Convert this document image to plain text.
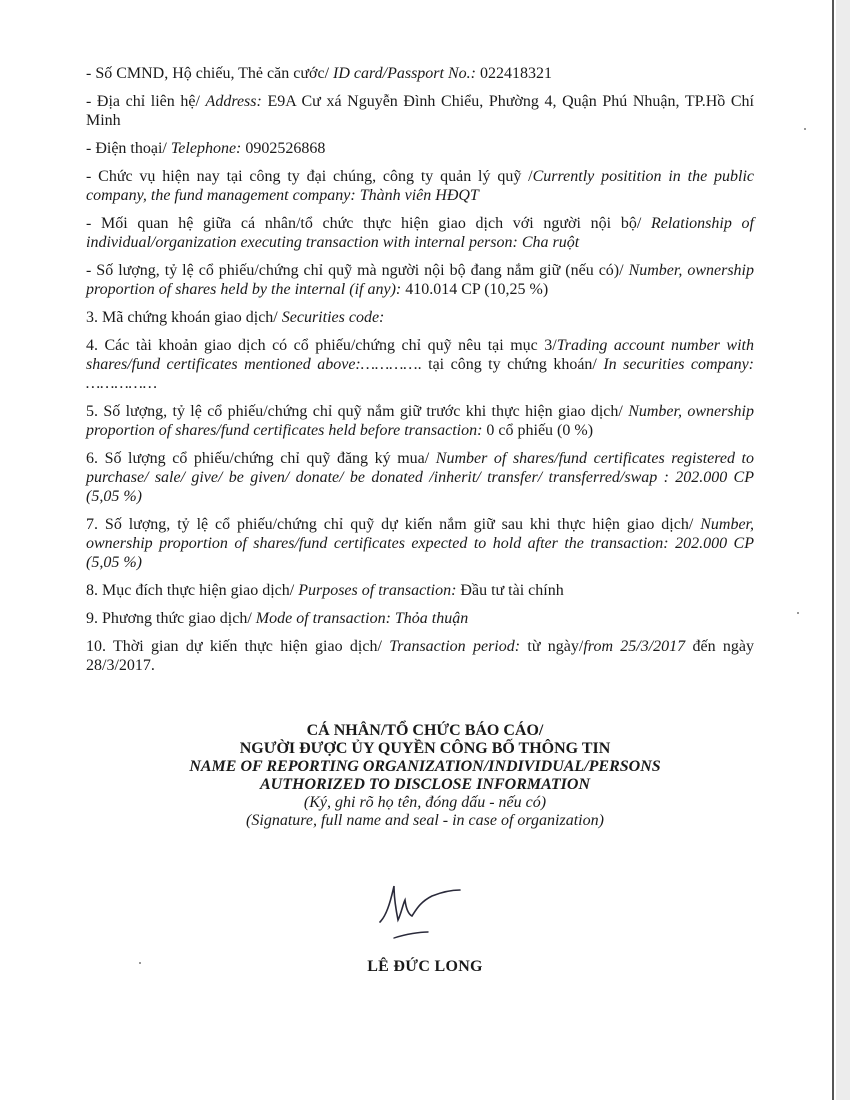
- Số CMND, Hộ chiếu, Thẻ căn cước/ ID card/Passport No.: 022418321

- Địa chỉ liên hệ/ Address: E9A Cư xá Nguyễn Đình Chiểu, Phường 4, Quận Phú Nhuận, TP.Hồ Chí Minh

- Điện thoại/ Telephone: 0902526868

- Chức vụ hiện nay tại công ty đại chúng, công ty quản lý quỹ /Currently positition in the public company, the fund management company: Thành viên HĐQT

- Mối quan hệ giữa cá nhân/tổ chức thực hiện giao dịch với người nội bộ/ Relationship of individual/organization executing transaction with internal person: Cha ruột

- Số lượng, tỷ lệ cổ phiếu/chứng chỉ quỹ mà người nội bộ đang nắm giữ (nếu có)/ Number, ownership proportion of shares held by the internal (if any): 410.014 CP (10,25 %)

3. Mã chứng khoán giao dịch/ Securities code:

4. Các tài khoản giao dịch có cổ phiếu/chứng chỉ quỹ nêu tại mục 3/Trading account number with shares/fund certificates mentioned above:…………. tại công ty chứng khoán/ In securities company: ……………

5. Số lượng, tỷ lệ cổ phiếu/chứng chỉ quỹ nắm giữ trước khi thực hiện giao dịch/ Number, ownership proportion of shares/fund certificates held before transaction: 0 cổ phiếu (0 %)

6. Số lượng cổ phiếu/chứng chỉ quỹ đăng ký mua/ Number of shares/fund certificates registered to purchase/ sale/ give/ be given/ donate/ be donated /inherit/ transfer/ transferred/swap : 202.000 CP (5,05 %)

7. Số lượng, tỷ lệ cổ phiếu/chứng chỉ quỹ dự kiến nắm giữ sau khi thực hiện giao dịch/ Number, ownership proportion of shares/fund certificates expected to hold after the transaction: 202.000 CP (5,05 %)

8. Mục đích thực hiện giao dịch/ Purposes of transaction: Đầu tư tài chính

9. Phương thức giao dịch/ Mode of transaction: Thỏa thuận

10. Thời gian dự kiến thực hiện giao dịch/ Transaction period: từ ngày/from 25/3/2017 đến ngày 28/3/2017.

CÁ NHÂN/TỔ CHỨC BÁO CÁO/

NGƯỜI ĐƯỢC ỦY QUYỀN CÔNG BỐ THÔNG TIN

NAME OF REPORTING ORGANIZATION/INDIVIDUAL/PERSONS

AUTHORIZED TO DISCLOSE INFORMATION

(Ký, ghi rõ họ tên, đóng dấu - nếu có)

(Signature, full name and seal - in case of organization)

LÊ ĐỨC LONG
